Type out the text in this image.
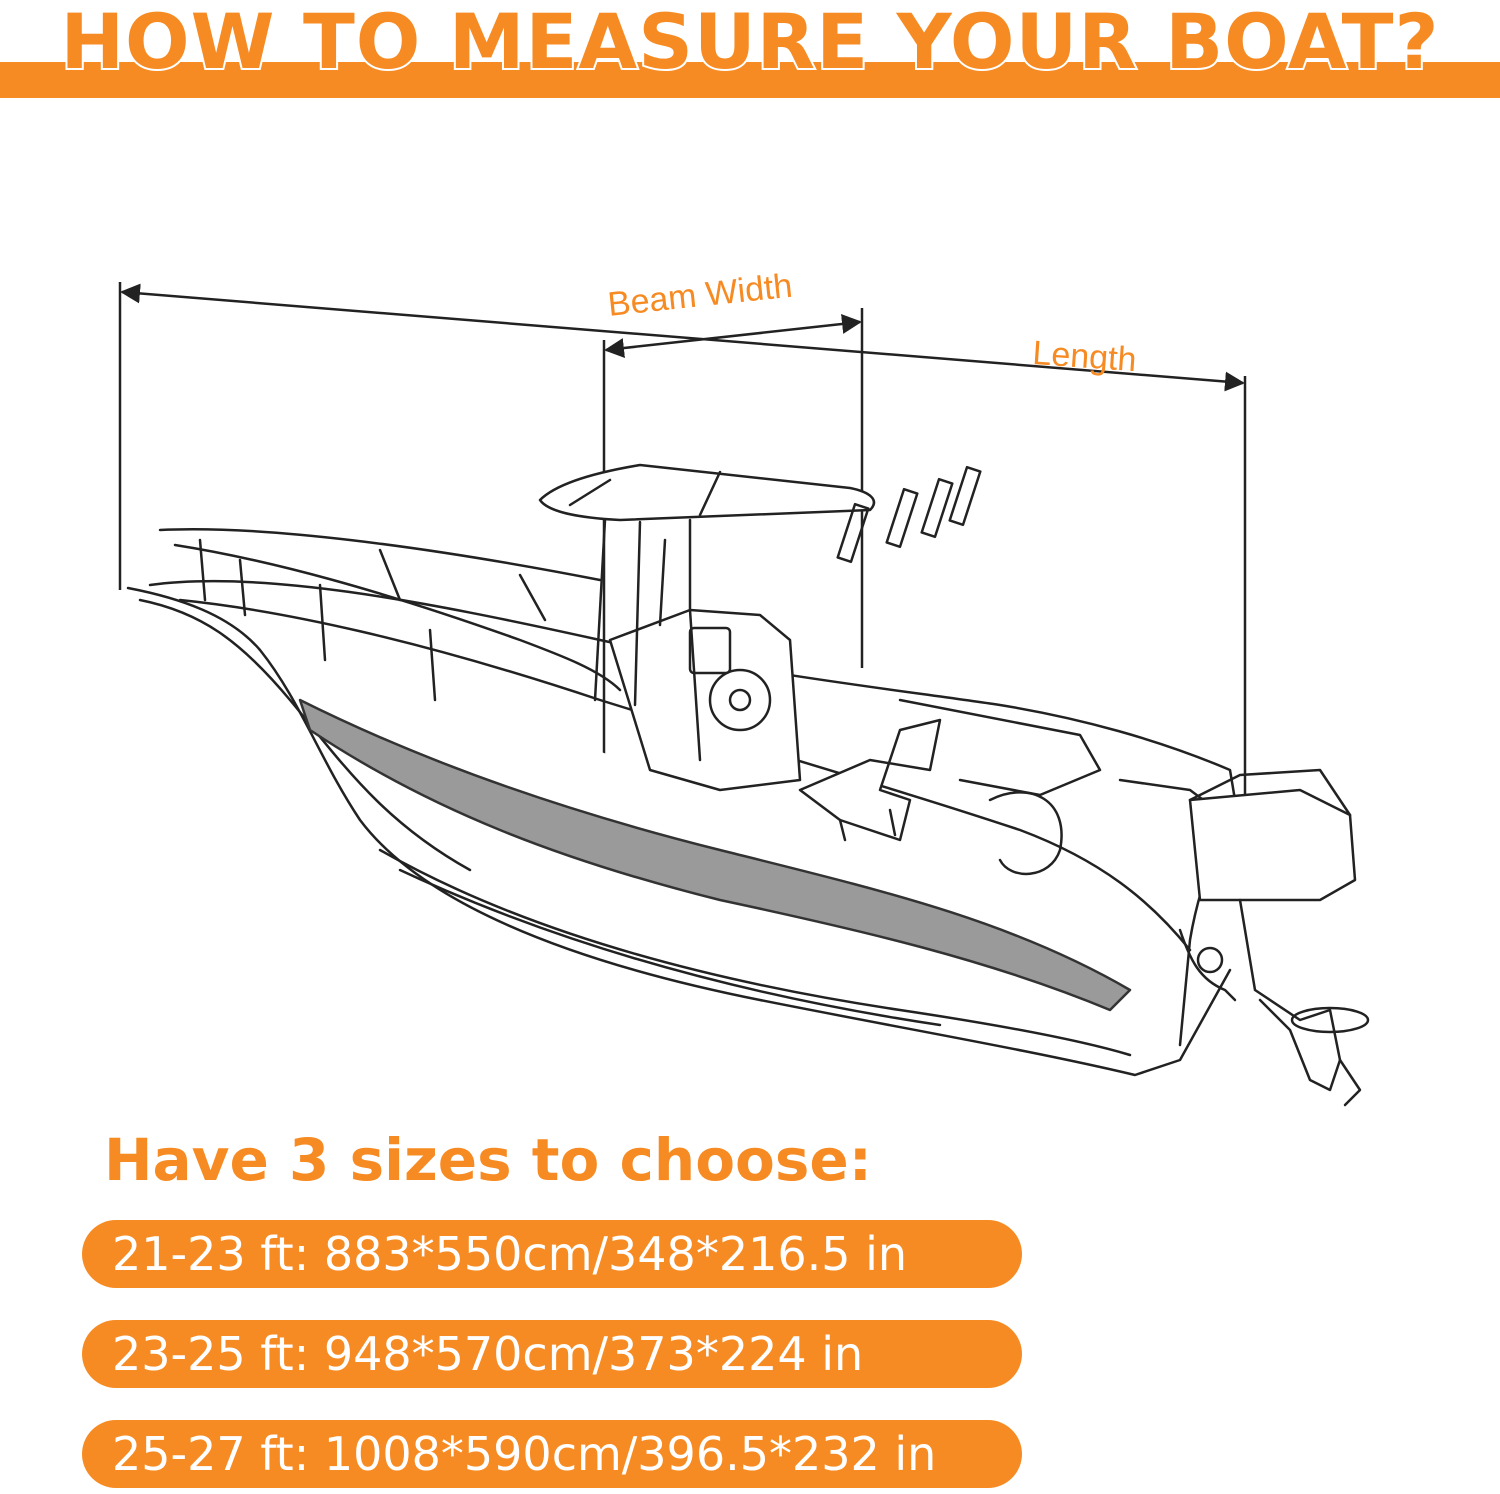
HOW TO MEASURE YOUR BOAT?
Beam Width
Length
Have 3 sizes to choose:
21-23 ft: 883*550cm/348*216.5 in
23-25 ft: 948*570cm/373*224 in
25-27 ft: 1008*590cm/396.5*232 in
